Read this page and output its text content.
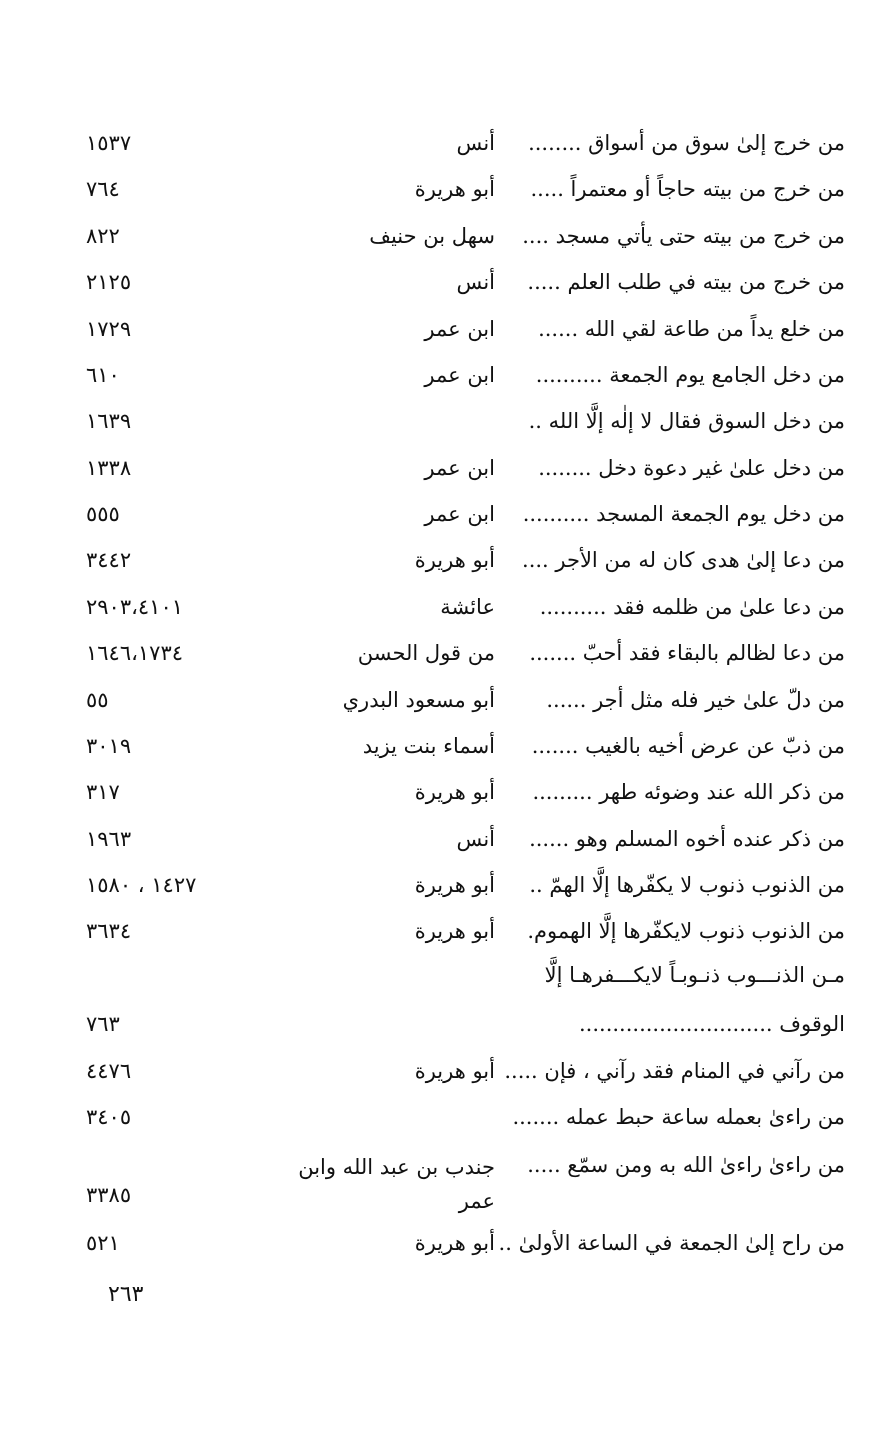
من خرج إلىٰ سوق من أسواق ........
أنس
١٥٣٧
من خرج من بيته حاجاً أو معتمراً .....
أبو هريرة
٧٦٤
من خرج من بيته حتى يأتي مسجد ....
سهل بن حنيف
٨٢٢
من خرج من بيته في طلب العلم .....
أنس
٢١٢٥
من خلع يداً من طاعة لقي الله ......
ابن عمر
١٧٢٩
من دخل الجامع يوم الجمعة ..........
ابن عمر
٦١٠
من دخل السوق فقال لا إلٰه إلَّا الله ..
١٦٣٩
من دخل علىٰ غير دعوة دخل ........
ابن عمر
١٣٣٨
من دخل يوم الجمعة المسجد ..........
ابن عمر
٥٥٥
من دعا إلىٰ هدى كان له من الأجر ....
أبو هريرة
٣٤٤٢
من دعا علىٰ من ظلمه فقد ..........
عائشة
٢٩٠٣،٤١٠١
من دعا لظالم بالبقاء فقد أحبّ .......
من قول الحسن
١٦٤٦،١٧٣٤
من دلّ علىٰ خير فله مثل أجر ......
أبو مسعود البدري
٥٥
من ذبّ عن عرض أخيه بالغيب .......
أسماء بنت يزيد
٣٠١٩
من ذكر الله عند وضوئه طهر .........
أبو هريرة
٣١٧
من ذكر عنده أخوه المسلم وهو ......
أنس
١٩٦٣
من الذنوب ذنوب لا يكفّرها إلَّا الهمّ ..
أبو هريرة
١٤٢٧ ، ١٥٨٠
من الذنوب ذنوب لايكفّرها إلَّا الهموم.
أبو هريرة
٣٦٣٤
مـن الذنـــوب ذنـوبـاً لايكـــفرهـا إلَّا
الوقوف .............................
٧٦٣
من رآني في المنام فقد رآني ، فإن .....
أبو هريرة
٤٤٧٦
من راءىٰ بعمله ساعة حبط عمله .......
٣٤٠٥
من راءىٰ راءىٰ الله به ومن سمّع .....
جندب بن عبد الله وابن عمر
٣٣٨٥
من راح إلىٰ الجمعة في الساعة الأولىٰ ..
أبو هريرة
٥٢١
٢٦٣
